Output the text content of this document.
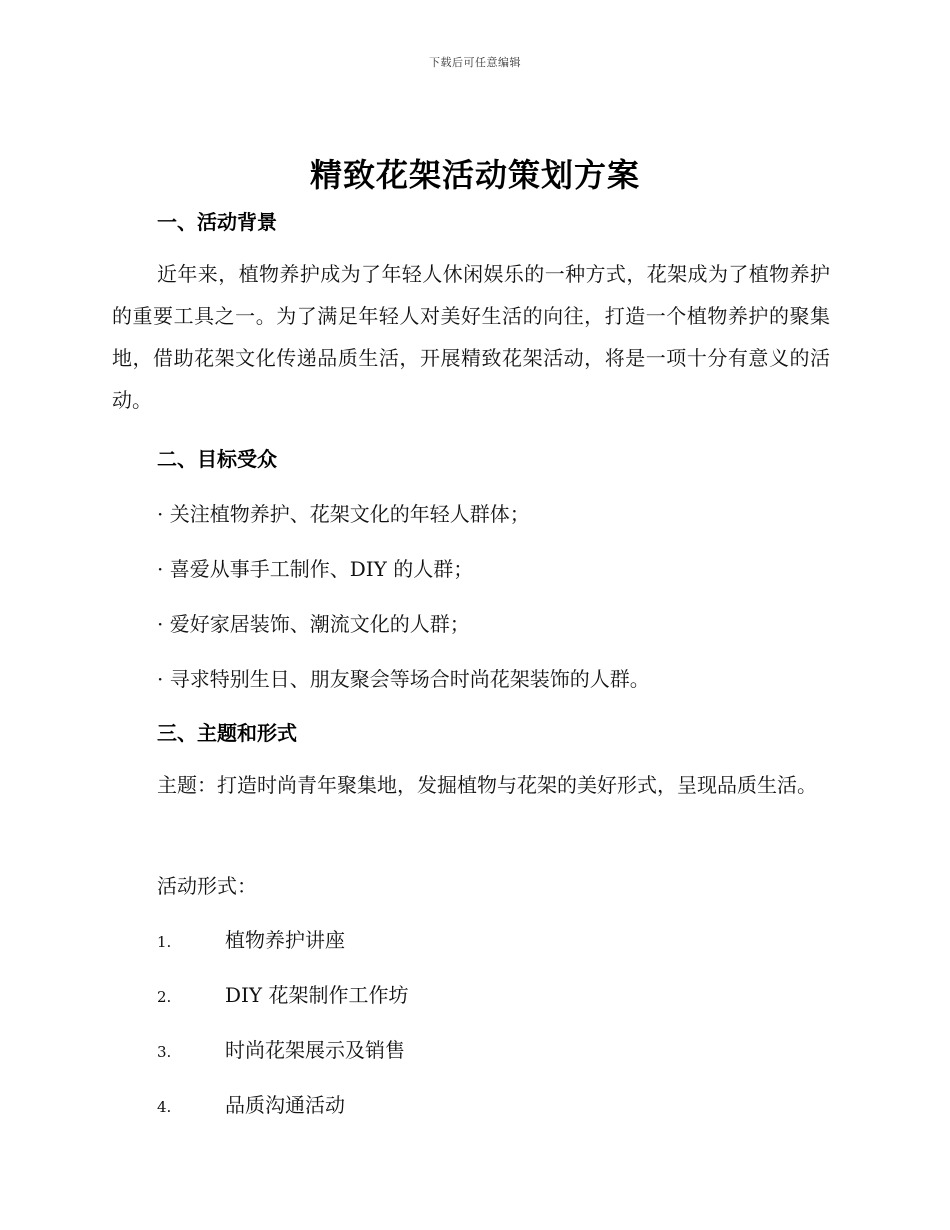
下载后可任意编辑
精致花架活动策划方案
一、活动背景
近年来，植物养护成为了年轻人休闲娱乐的一种方式，花架成为了植物养护的重要工具之一。为了满足年轻人对美好生活的向往，打造一个植物养护的聚集地，借助花架文化传递品质生活，开展精致花架活动，将是一项十分有意义的活动。
二、目标受众
· 关注植物养护、花架文化的年轻人群体；
· 喜爱从事手工制作、DIY 的人群；
· 爱好家居装饰、潮流文化的人群；
· 寻求特别生日、朋友聚会等场合时尚花架装饰的人群。
三、主题和形式
主题：打造时尚青年聚集地，发掘植物与花架的美好形式，呈现品质生活。
活动形式：
1.	植物养护讲座
2.	DIY 花架制作工作坊
3.	时尚花架展示及销售
4.	品质沟通活动
